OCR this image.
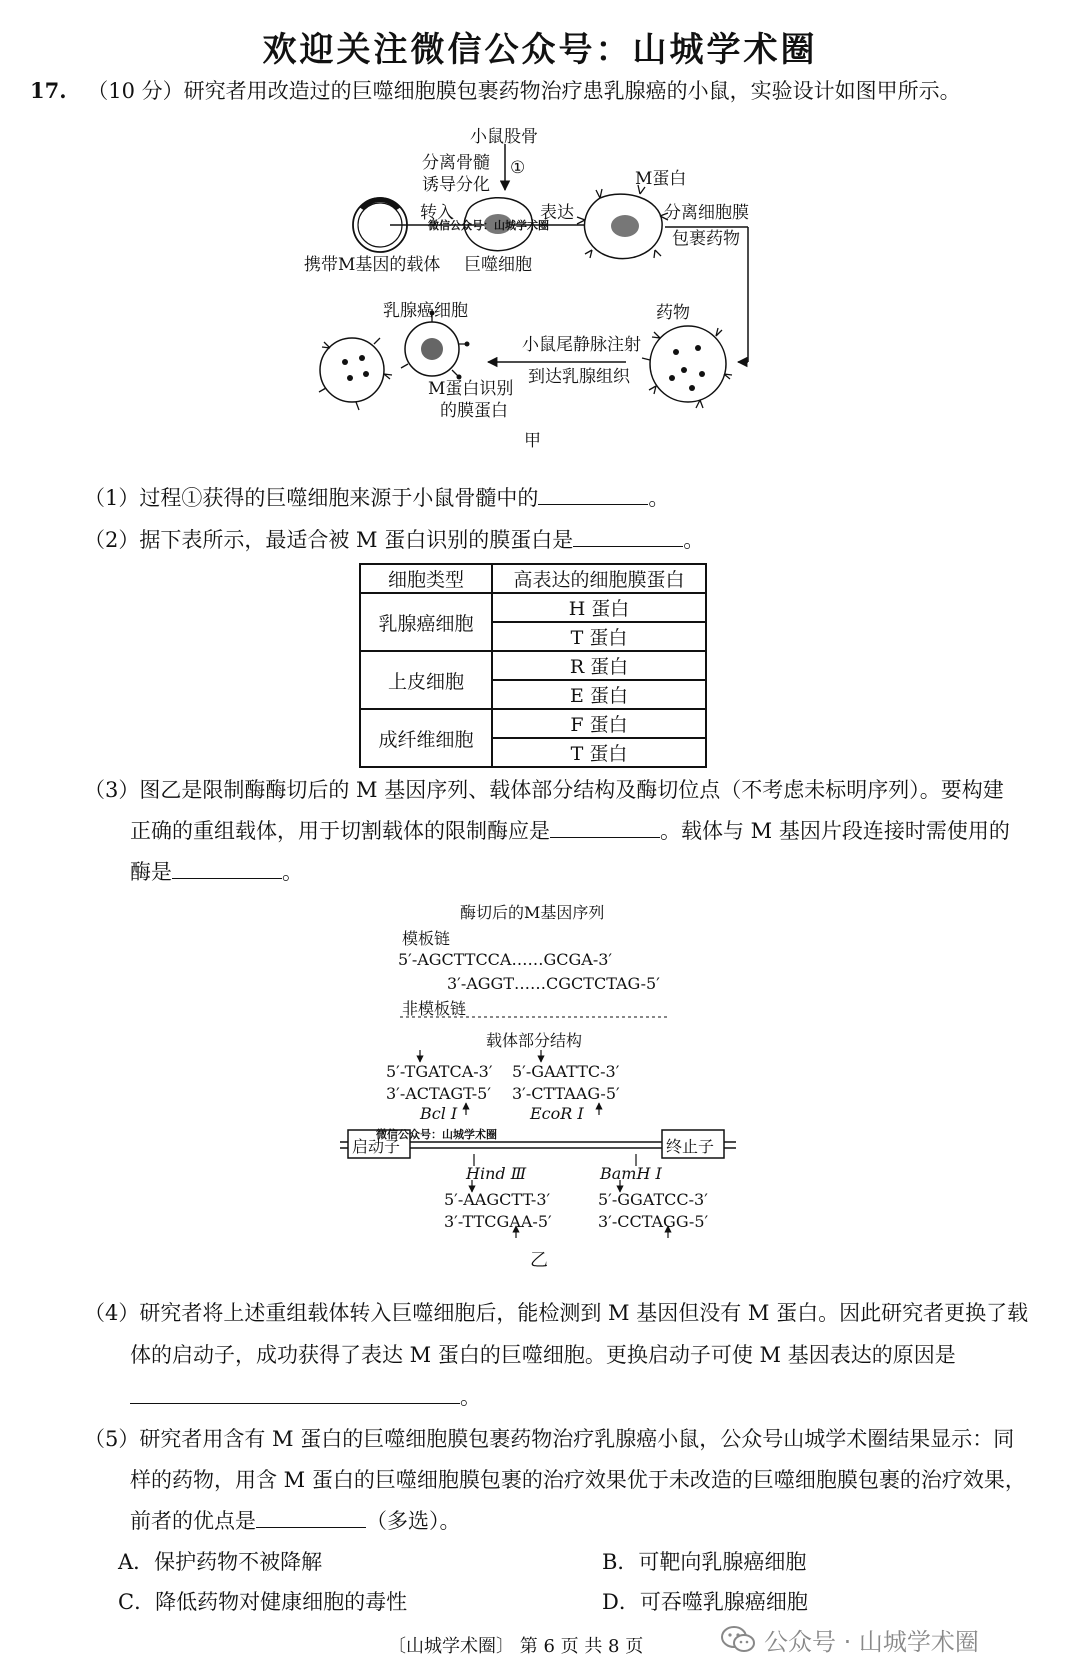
欢迎关注微信公众号：山城学术圈
17. （10 分）研究者用改造过的巨噬细胞膜包裹药物治疗患乳腺癌的小鼠，实验设计如图甲所示。
小鼠股骨
分离骨髓
诱导分化
①
转入	表达
M蛋白
分离细胞膜
包裹药物
微信公众号：山城学术圈
携带M基因的载体 巨噬细胞
乳腺癌细胞	药物
小鼠尾静脉注射
到达乳腺组织
M蛋白识别
的膜蛋白
甲
（1）过程①获得的巨噬细胞来源于小鼠骨髓中的	。
（2）据下表所示，最适合被 M 蛋白识别的膜蛋白是	。
细胞类型	高表达的细胞膜蛋白
乳腺癌细胞	H 蛋白
	T 蛋白
上皮细胞	R 蛋白
	E 蛋白
成纤维细胞	F 蛋白
	T 蛋白
（3）图乙是限制酶酶切后的 M 基因序列、载体部分结构及酶切位点（不考虑未标明序列）。要构建
正确的重组载体，用于切割载体的限制酶应是	。载体与 M 基因片段连接时需使用的
酶是	。
酶切后的M基因序列
模板链
5′-AGCTTCCA……GCGA-3′
3′-AGGT……CGCTCTAG-5′
非模板链
载体部分结构
5′-TGATCA-3′
3′-ACTAGT-5′
5′-GAATTC-3′
3′-CTTAAG-5′
Bcl Ⅰ	EcoR Ⅰ
启动子	终止子
微信公众号：山城学术圈
Hind Ⅲ	BamH Ⅰ
5′-AAGCTT-3′
3′-TTCGAA-5′
5′-GGATCC-3′
3′-CCTAGG-5′
乙
（4）研究者将上述重组载体转入巨噬细胞后，能检测到 M 基因但没有 M 蛋白。因此研究者更换了载
体的启动子，成功获得了表达 M 蛋白的巨噬细胞。更换启动子可使 M 基因表达的原因是
。
（5）研究者用含有 M 蛋白的巨噬细胞膜包裹药物治疗乳腺癌小鼠，公众号山城学术圈结果显示：同
样的药物，用含 M 蛋白的巨噬细胞膜包裹的治疗效果优于未改造的巨噬细胞膜包裹的治疗效果，
前者的优点是	（多选）。
A．保护药物不被降解	B．可靶向乳腺癌细胞
C．降低药物对健康细胞的毒性	D．可吞噬乳腺癌细胞
〔山城学术圈〕 第 6 页 共 8 页	公众号 · 山城学术圈
